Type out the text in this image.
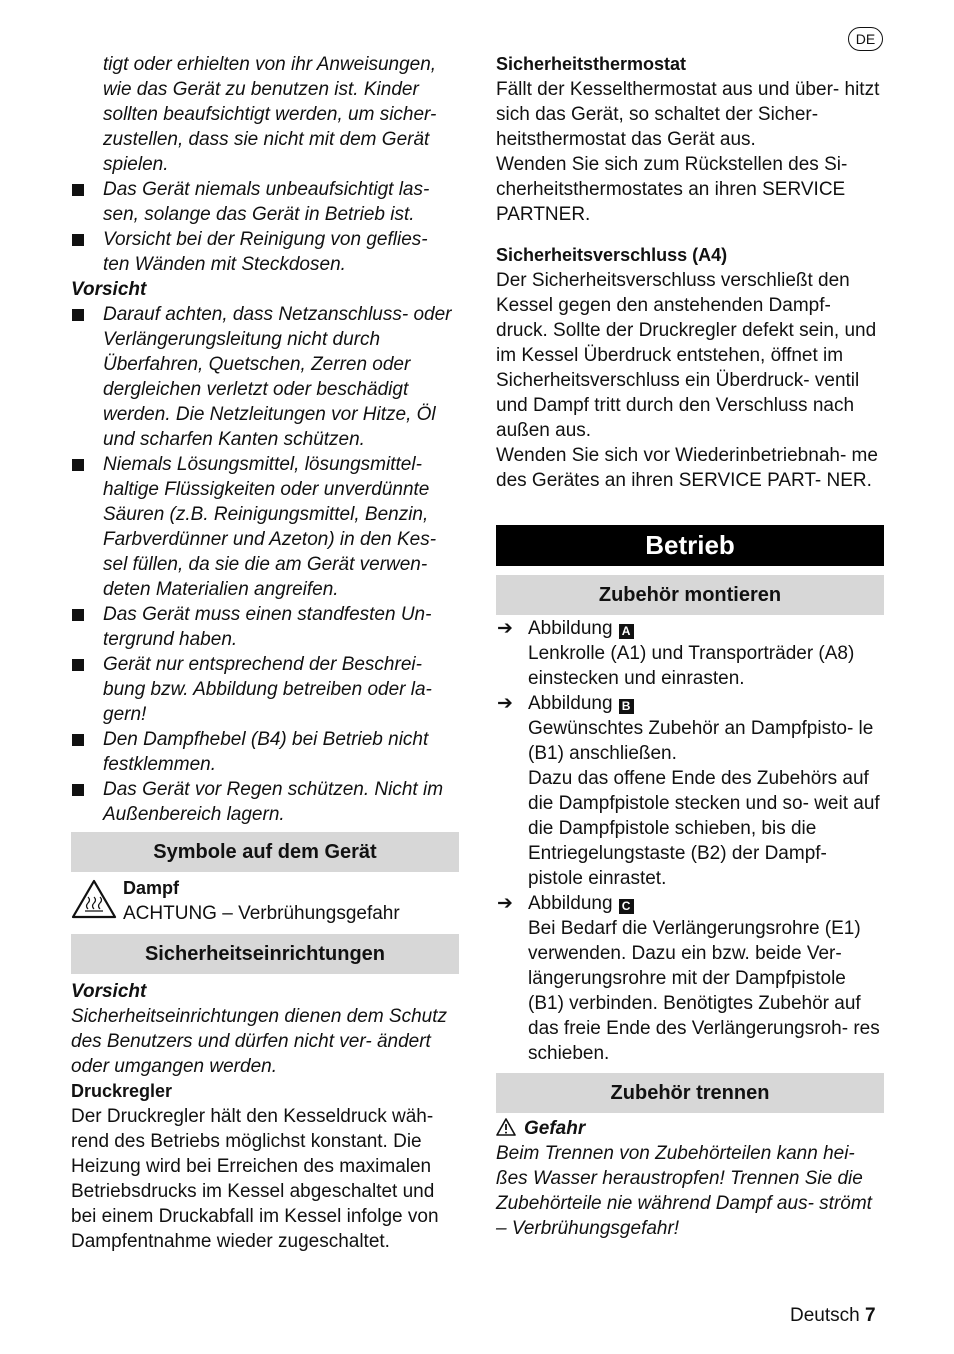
DE

tigt oder erhielten von ihr Anweisungen, wie das Gerät zu benutzen ist. Kinder sollten beaufsichtigt werden, um sicher- zustellen, dass sie nicht mit dem Gerät spielen.

Das Gerät niemals unbeaufsichtigt las- sen, solange das Gerät in Betrieb ist.

Vorsicht bei der Reinigung von geflies- ten Wänden mit Steckdosen.

Vorsicht

Darauf achten, dass Netzanschluss- oder Verlängerungsleitung nicht durch Überfahren, Quetschen, Zerren oder dergleichen verletzt oder beschädigt werden. Die Netzleitungen vor Hitze, Öl und scharfen Kanten schützen.

Niemals Lösungsmittel, lösungsmittel- haltige Flüssigkeiten oder unverdünnte Säuren (z.B. Reinigungsmittel, Benzin, Farbverdünner und Azeton) in den Kes- sel füllen, da sie die am Gerät verwen- deten Materialien angreifen.

Das Gerät muss einen standfesten Un- tergrund haben.

Gerät nur entsprechend der Beschrei- bung bzw. Abbildung betreiben oder la- gern!

Den Dampfhebel (B4) bei Betrieb nicht festklemmen.

Das Gerät vor Regen schützen. Nicht im Außenbereich lagern.

Symbole auf dem Gerät

Dampf

ACHTUNG – Verbrühungsgefahr

Sicherheitseinrichtungen

Vorsicht

Sicherheitseinrichtungen dienen dem Schutz des Benutzers und dürfen nicht ver- ändert oder umgangen werden.

Druckregler

Der Druckregler hält den Kesseldruck wäh- rend des Betriebs möglichst konstant. Die Heizung wird bei Erreichen des maximalen Betriebsdrucks im Kessel abgeschaltet und bei einem Druckabfall im Kessel infolge von Dampfentnahme wieder zugeschaltet.

Sicherheitsthermostat

Fällt der Kesselthermostat aus und über- hitzt sich das Gerät, so schaltet der Sicher- heitsthermostat das Gerät aus.

Wenden Sie sich zum Rückstellen des Si- cherheitsthermostates an ihren SERVICE PARTNER.

Sicherheitsverschluss (A4)

Der Sicherheitsverschluss verschließt den Kessel gegen den anstehenden Dampf- druck. Sollte der Druckregler defekt sein, und im Kessel Überdruck entstehen, öffnet im Sicherheitsverschluss ein Überdruck- ventil und Dampf tritt durch den Verschluss nach außen aus.

Wenden Sie sich vor Wiederinbetriebnah- me des Gerätes an ihren SERVICE PART- NER.

Betrieb
Zubehör montieren
➔ Abbildung A

Lenkrolle (A1) und Transporträder (A8) einstecken und einrasten.

➔ Abbildung B

Gewünschtes Zubehör an Dampfpisto- le (B1) anschließen.

Dazu das offene Ende des Zubehörs auf die Dampfpistole stecken und so- weit auf die Dampfpistole schieben, bis die Entriegelungstaste (B2) der Dampf- pistole einrastet.

➔ Abbildung C

Bei Bedarf die Verlängerungsrohre (E1) verwenden. Dazu ein bzw. beide Ver- längerungsrohre mit der Dampfpistole (B1) verbinden. Benötigtes Zubehör auf das freie Ende des Verlängerungsroh- res schieben.

Zubehör trennen

Gefahr

Beim Trennen von Zubehörteilen kann hei- ßes Wasser heraustropfen! Trennen Sie die Zubehörteile nie während Dampf aus- strömt – Verbrühungsgefahr!

Deutsch 7
